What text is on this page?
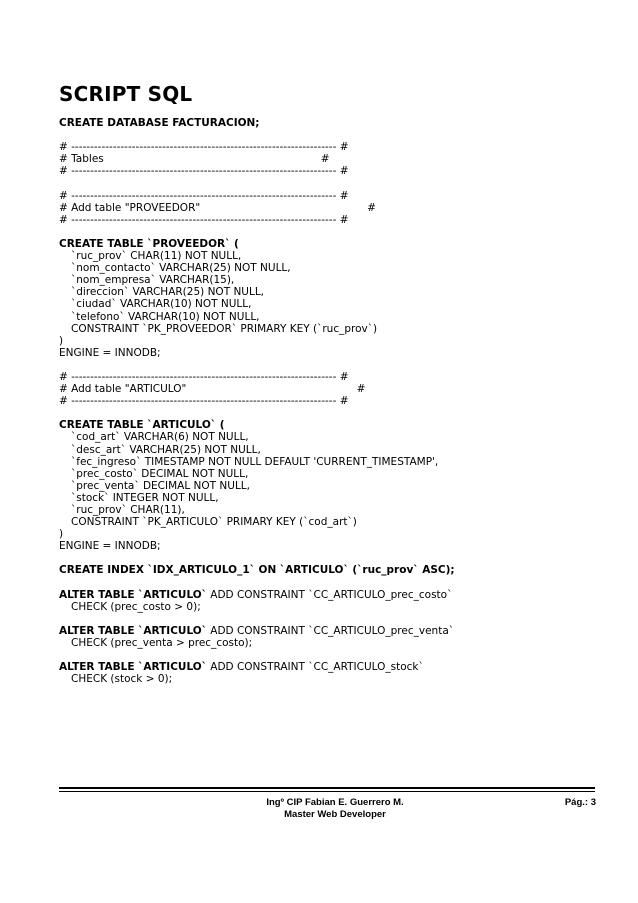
SCRIPT SQL
CREATE DATABASE FACTURACION;
# ---------------------------------------------------------------------- #
# Tables                                                                 #
# ---------------------------------------------------------------------- #
# ---------------------------------------------------------------------- #
# Add table "PROVEEDOR"                                                  #
# ---------------------------------------------------------------------- #
CREATE TABLE `PROVEEDOR` (
`ruc_prov` CHAR(11) NOT NULL,
`nom_contacto` VARCHAR(25) NOT NULL,
`nom_empresa` VARCHAR(15),
`direccion` VARCHAR(25) NOT NULL,
`ciudad` VARCHAR(10) NOT NULL,
`telefono` VARCHAR(10) NOT NULL,
CONSTRAINT `PK_PROVEEDOR` PRIMARY KEY (`ruc_prov`)
)
ENGINE = INNODB;
# ---------------------------------------------------------------------- #
# Add table "ARTICULO"                                                   #
# ---------------------------------------------------------------------- #
CREATE TABLE `ARTICULO` (
`cod_art` VARCHAR(6) NOT NULL,
`desc_art` VARCHAR(25) NOT NULL,
`fec_ingreso` TIMESTAMP NOT NULL DEFAULT 'CURRENT_TIMESTAMP',
`prec_costo` DECIMAL NOT NULL,
`prec_venta` DECIMAL NOT NULL,
`stock` INTEGER NOT NULL,
`ruc_prov` CHAR(11),
CONSTRAINT `PK_ARTICULO` PRIMARY KEY (`cod_art`)
)
ENGINE = INNODB;
CREATE INDEX `IDX_ARTICULO_1` ON `ARTICULO` (`ruc_prov` ASC);
ALTER TABLE `ARTICULO` ADD CONSTRAINT `CC_ARTICULO_prec_costo`
CHECK (prec_costo > 0);
ALTER TABLE `ARTICULO` ADD CONSTRAINT `CC_ARTICULO_prec_venta`
CHECK (prec_venta > prec_costo);
ALTER TABLE `ARTICULO` ADD CONSTRAINT `CC_ARTICULO_stock`
CHECK (stock > 0);
Ingº CIP Fabian E. Guerrero M.
Master Web Developer
Pág.: 3
